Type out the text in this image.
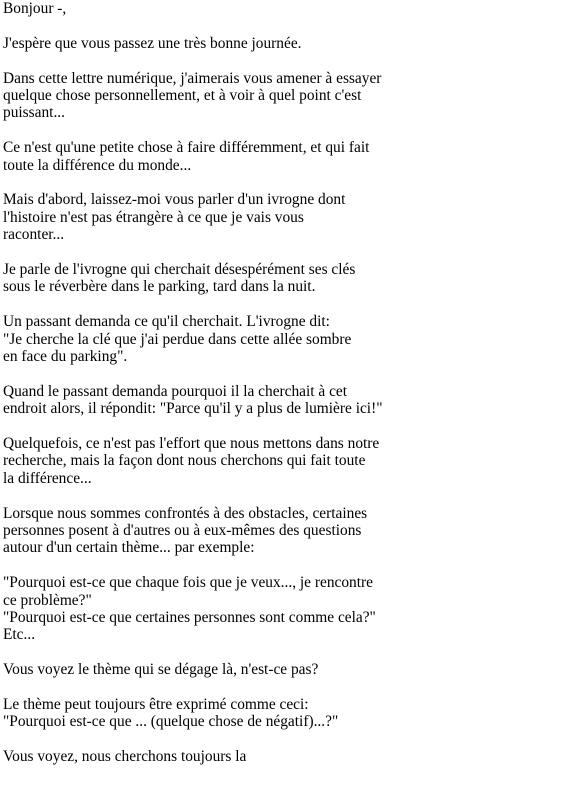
Bonjour -,

J'espère que vous passez une très bonne journée.

Dans cette lettre numérique, j'aimerais vous amener à essayer
quelque chose personnellement, et à voir à quel point c'est
puissant...

Ce n'est qu'une petite chose à faire différemment, et qui fait
toute la différence du monde...

Mais d'abord, laissez-moi vous parler d'un ivrogne dont
l'histoire n'est pas étrangère à ce que je vais vous
raconter...

Je parle de l'ivrogne qui cherchait désespérément ses clés
sous le réverbère dans le parking, tard dans la nuit.

Un passant demanda ce qu'il cherchait. L'ivrogne dit:
"Je cherche la clé que j'ai perdue dans cette allée sombre
en face du parking".

Quand le passant demanda pourquoi il la cherchait à cet
endroit alors, il répondit: "Parce qu'il y a plus de lumière ici!"

Quelquefois, ce n'est pas l'effort que nous mettons dans notre
recherche, mais la façon dont nous cherchons qui fait toute
la différence...

Lorsque nous sommes confrontés à des obstacles, certaines
personnes posent à d'autres ou à eux-mêmes des questions
autour d'un certain thème... par exemple:

"Pourquoi est-ce que chaque fois que je veux..., je rencontre
ce problème?"
"Pourquoi est-ce que certaines personnes sont comme cela?"
Etc...

Vous voyez le thème qui se dégage là, n'est-ce pas?

Le thème peut toujours être exprimé comme ceci:
"Pourquoi est-ce que ... (quelque chose de négatif)...?"

Vous voyez, nous cherchons toujours la
